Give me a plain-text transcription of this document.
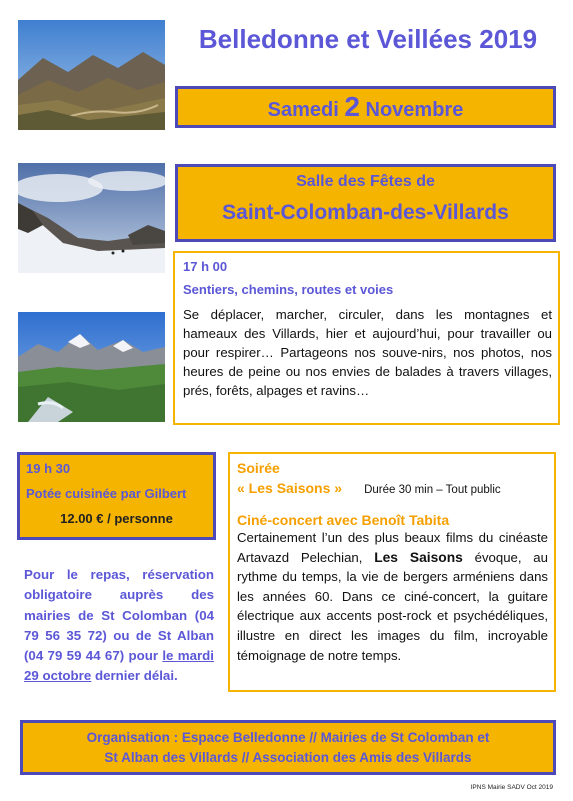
Belledonne et Veillées 2019
Samedi 2 Novembre
Salle des Fêtes de
Saint-Colomban-des-Villards
17 h 00
Sentiers, chemins, routes et voies
Se déplacer, marcher, circuler, dans les montagnes et hameaux des Villards, hier et aujourd’hui, pour travailler ou pour respirer… Partageons nos souve-nirs, nos photos, nos heures de peine ou nos envies de balades à travers villages, prés, forêts, alpages et ravins…
19 h 30
Potée cuisinée par Gilbert
12.00 € / personne
Pour le repas, réservation obligatoire auprès des mairies de St Colomban (04 79 56 35 72) ou de St Alban (04 79 59 44 67) pour le mardi 29 octobre dernier délai.
Soirée
« Les Saisons » Durée 30 min – Tout public
Ciné-concert avec Benoît Tabita
Certainement l’un des plus beaux films du cinéaste Artavazd Pelechian, Les Saisons évoque, au rythme du temps, la vie de bergers arméniens dans les années 60. Dans ce ciné-concert, la guitare électrique aux accents post-rock et psychédéliques, illustre en direct les images du film, incroyable témoignage de notre temps.
Organisation : Espace Belledonne // Mairies de St Colomban et
St Alban des Villards // Association des Amis des Villards
IPNS Mairie SADV Oct 2019
